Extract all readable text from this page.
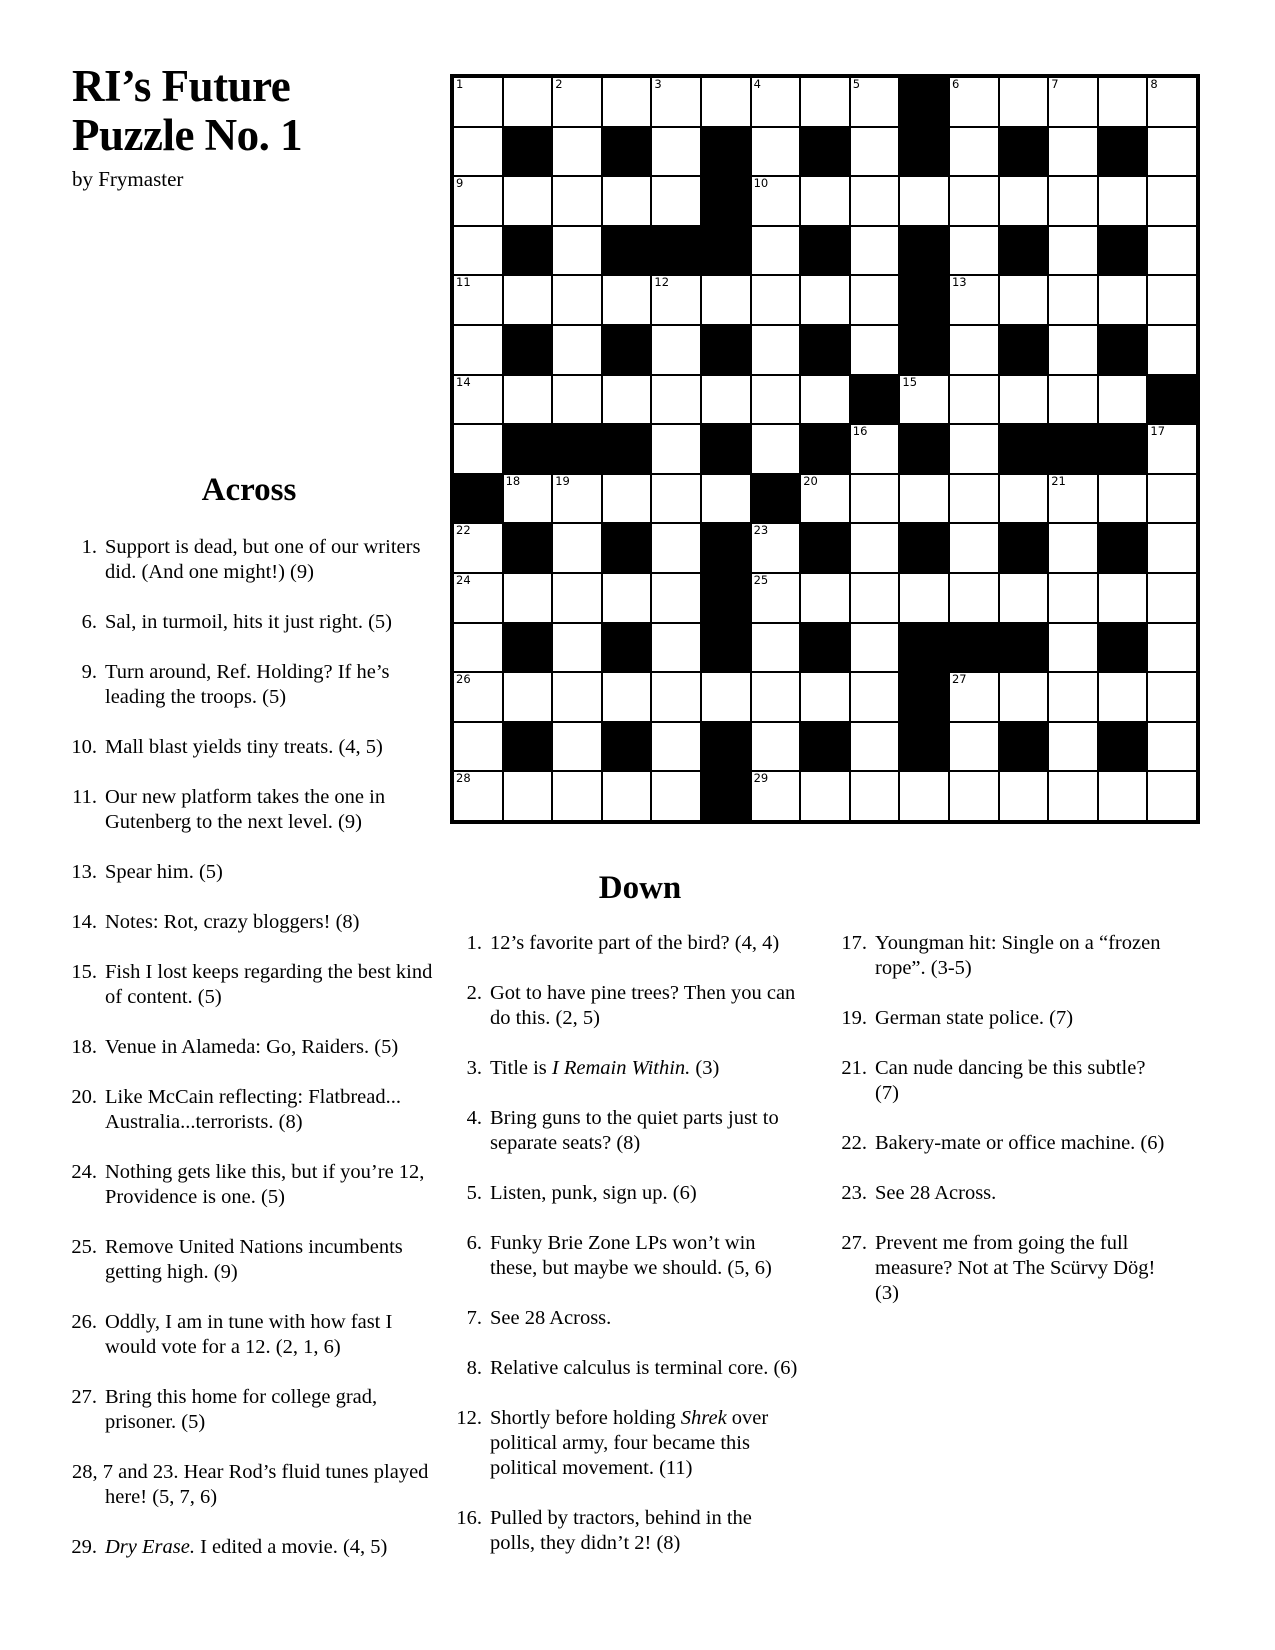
RI’s Future
Puzzle No. 1
by Frymaster
1	2	3	4	5	6	7	8
9	10
11	12	13
14	15
16	17
18	19	20	21
22	23
24	25
26	27
28	29
Across
1. Support is dead, but one of our writers did. (And one might!) (9)
6. Sal, in turmoil, hits it just right. (5)
9. Turn around, Ref. Holding? If he’s leading the troops. (5)
10. Mall blast yields tiny treats. (4, 5)
11. Our new platform takes the one in Gutenberg to the next level. (9)
13. Spear him. (5)
14. Notes: Rot, crazy bloggers! (8)
15. Fish I lost keeps regarding the best kind of content. (5)
18. Venue in Alameda: Go, Raiders. (5)
20. Like McCain reflecting: Flatbread... Australia...terrorists. (8)
24. Nothing gets like this, but if you’re 12, Providence is one. (5)
25. Remove United Nations incumbents getting high. (9)
26. Oddly, I am in tune with how fast I would vote for a 12. (2, 1, 6)
27. Bring this home for college grad, prisoner. (5)
28, 7 and 23. Hear Rod’s fluid tunes played here! (5, 7, 6)
29. Dry Erase. I edited a movie. (4, 5)
Down
1. 12’s favorite part of the bird? (4, 4)
2. Got to have pine trees? Then you can do this. (2, 5)
3. Title is I Remain Within. (3)
4. Bring guns to the quiet parts just to separate seats? (8)
5. Listen, punk, sign up. (6)
6. Funky Brie Zone LPs won’t win these, but maybe we should. (5, 6)
7. See 28 Across.
8. Relative calculus is terminal core. (6)
12. Shortly before holding Shrek over political army, four became this political movement. (11)
16. Pulled by tractors, behind in the polls, they didn’t 2! (8)
17. Youngman hit: Single on a “frozen rope”. (3-5)
19. German state police. (7)
21. Can nude dancing be this subtle? (7)
22. Bakery-mate or office machine. (6)
23. See 28 Across.
27. Prevent me from going the full measure? Not at The Scürvy Dög! (3)
